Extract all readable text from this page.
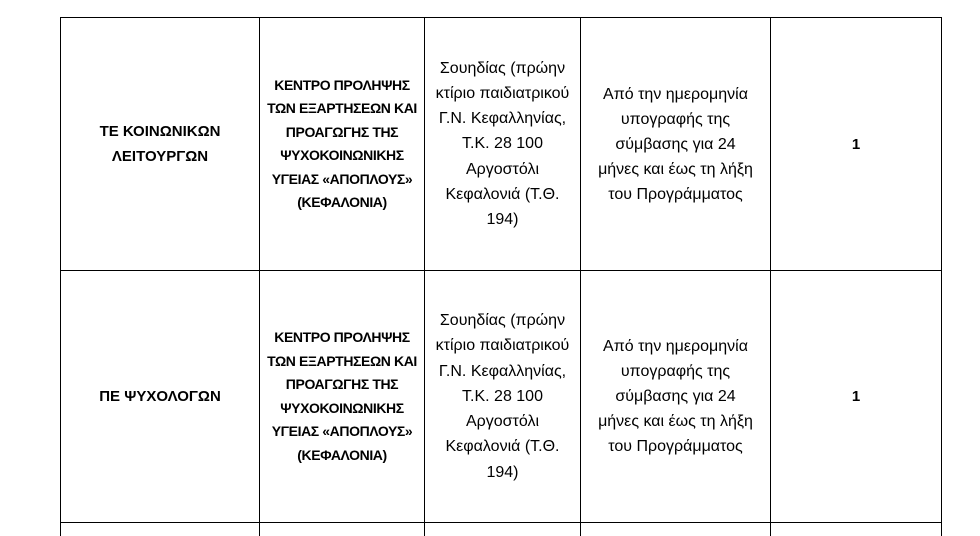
ΤΕ ΚΟΙΝΩΝΙΚΩΝ ΛΕΙΤΟΥΡΓΩΝ
ΚΕΝΤΡΟ ΠΡΟΛΗΨΗΣ ΤΩΝ ΕΞΑΡΤΗΣΕΩΝ ΚΑΙ ΠΡΟΑΓΩΓΗΣ ΤΗΣ ΨΥΧΟΚΟΙΝΩΝΙΚΗΣ ΥΓΕΙΑΣ «ΑΠΟΠΛΟΥΣ» (ΚΕΦΑΛΟΝΙΑ)
Σουηδίας (πρώην κτίριο παιδιατρικού Γ.Ν. Κεφαλληνίας, Τ.Κ. 28 100 Αργοστόλι Κεφαλονιά (Τ.Θ. 194)
Από την ημερομηνία υπογραφής της σύμβασης για 24 μήνες και έως τη λήξη του Προγράμματος
1
ΠΕ ΨΥΧΟΛΟΓΩΝ
ΚΕΝΤΡΟ ΠΡΟΛΗΨΗΣ ΤΩΝ ΕΞΑΡΤΗΣΕΩΝ ΚΑΙ ΠΡΟΑΓΩΓΗΣ ΤΗΣ ΨΥΧΟΚΟΙΝΩΝΙΚΗΣ ΥΓΕΙΑΣ «ΑΠΟΠΛΟΥΣ» (ΚΕΦΑΛΟΝΙΑ)
Σουηδίας (πρώην κτίριο παιδιατρικού Γ.Ν. Κεφαλληνίας, Τ.Κ. 28 100 Αργοστόλι Κεφαλονιά (Τ.Θ. 194)
Από την ημερομηνία υπογραφής της σύμβασης για 24 μήνες και έως τη λήξη του Προγράμματος
1
